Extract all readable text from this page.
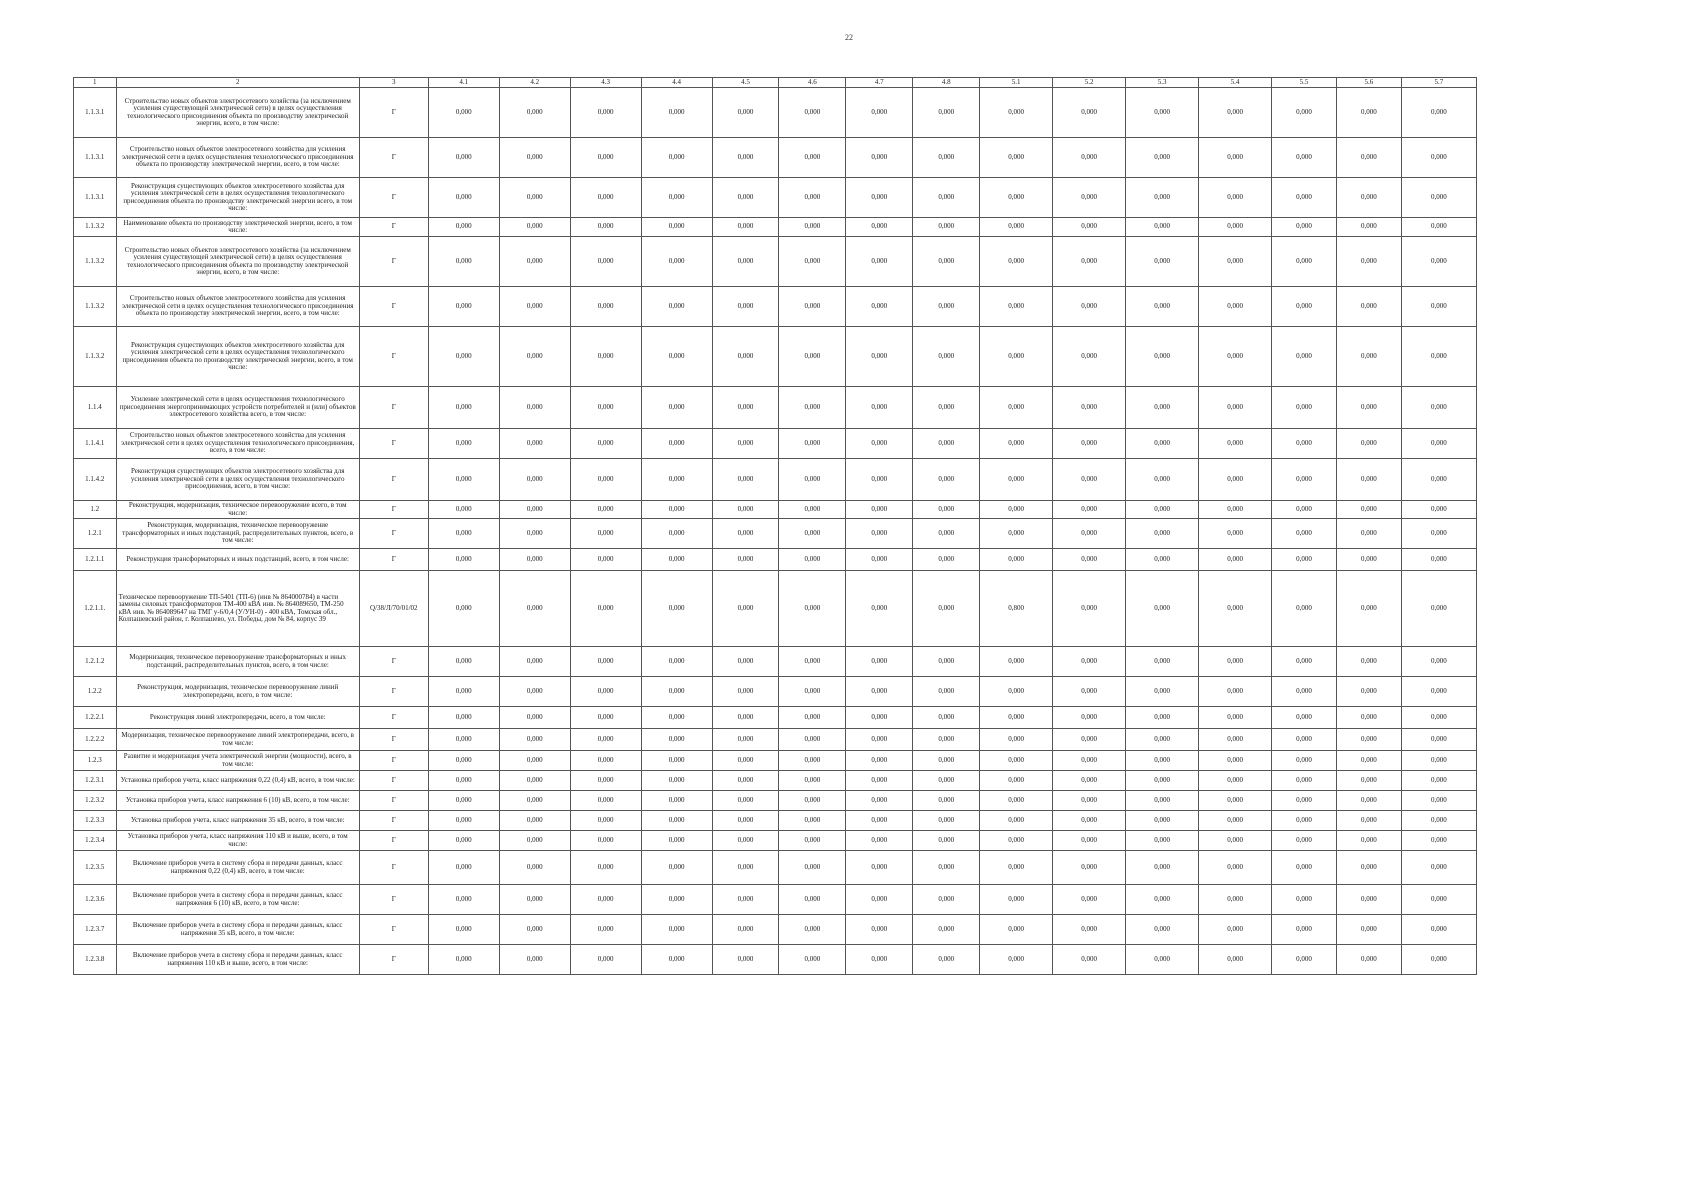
22
1	2	3	4.1	4.2	4.3	4.4	4.5	4.6	4.7	4.8	5.1	5.2	5.3	5.4	5.5	5.6	5.7
1.1.3.1	Строительство новых объектов электросетевого хозяйства (за исключением усиления существующей электрической сети) в целях осуществления технологического присоединения объекта по производству электрической энергии, всего, в том числе:	Г	0,000	0,000	0,000	0,000	0,000	0,000	0,000	0,000	0,000	0,000	0,000	0,000	0,000	0,000	0,000
1.1.3.1	Строительство новых объектов электросетевого хозяйства для усиления электрической сети в целях осуществления технологического присоединения объекта по производству электрической энергии, всего, в том числе:	Г	0,000	0,000	0,000	0,000	0,000	0,000	0,000	0,000	0,000	0,000	0,000	0,000	0,000	0,000	0,000
1.1.3.1	Реконструкция существующих объектов электросетевого хозяйства для усиления электрической сети в целях осуществления технологического присоединения объекта по производству электрической энергии всего, в том числе:	Г	0,000	0,000	0,000	0,000	0,000	0,000	0,000	0,000	0,000	0,000	0,000	0,000	0,000	0,000	0,000
1.1.3.2	Наименование объекта по производству электрической энергии, всего, в том числе:	Г	0,000	0,000	0,000	0,000	0,000	0,000	0,000	0,000	0,000	0,000	0,000	0,000	0,000	0,000	0,000
1.1.3.2	Строительство новых объектов электросетевого хозяйства (за исключением усиления существующей электрической сети) в целях осуществления технологического присоединения объекта по производству электрической энергии, всего, в том числе:	Г	0,000	0,000	0,000	0,000	0,000	0,000	0,000	0,000	0,000	0,000	0,000	0,000	0,000	0,000	0,000
1.1.3.2	Строительство новых объектов электросетевого хозяйства для усиления электрической сети в целях осуществления технологического присоединения объекта по производству электрической энергии, всего, в том числе:	Г	0,000	0,000	0,000	0,000	0,000	0,000	0,000	0,000	0,000	0,000	0,000	0,000	0,000	0,000	0,000
1.1.3.2	Реконструкция существующих объектов электросетевого хозяйства для усиления электрической сети в целях осуществления технологического присоединения объекта по производству электрической энергии, всего, в том числе:	Г	0,000	0,000	0,000	0,000	0,000	0,000	0,000	0,000	0,000	0,000	0,000	0,000	0,000	0,000	0,000
1.1.4	Усиление электрической сети в целях осуществления технологического присоединения энергопринимающих устройств потребителей и (или) объектов электросетевого хозяйства всего, в том числе:	Г	0,000	0,000	0,000	0,000	0,000	0,000	0,000	0,000	0,000	0,000	0,000	0,000	0,000	0,000	0,000
1.1.4.1	Строительство новых объектов электросетевого хозяйства для усиления электрической сети в целях осуществления технологического присоединения, всего, в том числе:	Г	0,000	0,000	0,000	0,000	0,000	0,000	0,000	0,000	0,000	0,000	0,000	0,000	0,000	0,000	0,000
1.1.4.2	Реконструкция существующих объектов электросетевого хозяйства для усиления электрической сети в целях осуществления технологического присоединения, всего, в том числе:	Г	0,000	0,000	0,000	0,000	0,000	0,000	0,000	0,000	0,000	0,000	0,000	0,000	0,000	0,000	0,000
1.2	Реконструкция, модернизация, техническое перевооружение всего, в том числе:	Г	0,000	0,000	0,000	0,000	0,000	0,000	0,000	0,000	0,000	0,000	0,000	0,000	0,000	0,000	0,000
1.2.1	Реконструкция, модернизация, техническое перевооружение трансформаторных и иных подстанций, распределительных пунктов, всего, в том числе:	Г	0,000	0,000	0,000	0,000	0,000	0,000	0,000	0,000	0,000	0,000	0,000	0,000	0,000	0,000	0,000
1.2.1.1	Реконструкция трансформаторных и иных подстанций, всего, в том числе:	Г	0,000	0,000	0,000	0,000	0,000	0,000	0,000	0,000	0,000	0,000	0,000	0,000	0,000	0,000	0,000
1.2.1.1.	Техническое перевооружение ТП-5401 (ТП-6) (инв № 864000784) в части замены силовых трансформаторов ТМ-400 кВА инв. № 864089650, ТМ-250 кВА инв. № 864089647 на ТМГ у-6/0,4 (У/УН-0) - 400 кВА, Томская обл., Колпашевский район, г. Колпашево, ул. Победы, дом № 84, корпус 39	Q/38/Л/70/01/02	0,000	0,000	0,000	0,000	0,000	0,000	0,000	0,000	0,800	0,000	0,000	0,000	0,000	0,000	0,000
1.2.1.2	Модернизация, техническое перевооружение трансформаторных и иных подстанций, распределительных пунктов, всего, в том числе:	Г	0,000	0,000	0,000	0,000	0,000	0,000	0,000	0,000	0,000	0,000	0,000	0,000	0,000	0,000	0,000
1.2.2	Реконструкция, модернизация, техническое перевооружение линий электропередачи, всего, в том числе:	Г	0,000	0,000	0,000	0,000	0,000	0,000	0,000	0,000	0,000	0,000	0,000	0,000	0,000	0,000	0,000
1.2.2.1	Реконструкция линий электропередачи, всего, в том числе:	Г	0,000	0,000	0,000	0,000	0,000	0,000	0,000	0,000	0,000	0,000	0,000	0,000	0,000	0,000	0,000
1.2.2.2	Модернизация, техническое перевооружение линий электропередачи, всего, в том числе:	Г	0,000	0,000	0,000	0,000	0,000	0,000	0,000	0,000	0,000	0,000	0,000	0,000	0,000	0,000	0,000
1.2.3	Развитие и модернизация учета электрической энергии (мощности), всего, в том числе:	Г	0,000	0,000	0,000	0,000	0,000	0,000	0,000	0,000	0,000	0,000	0,000	0,000	0,000	0,000	0,000
1.2.3.1	Установка приборов учета, класс напряжения 0,22 (0,4) кВ, всего, в том числе:	Г	0,000	0,000	0,000	0,000	0,000	0,000	0,000	0,000	0,000	0,000	0,000	0,000	0,000	0,000	0,000
1.2.3.2	Установка приборов учета, класс напряжения 6 (10) кВ, всего, в том числе:	Г	0,000	0,000	0,000	0,000	0,000	0,000	0,000	0,000	0,000	0,000	0,000	0,000	0,000	0,000	0,000
1.2.3.3	Установка приборов учета, класс напряжения 35 кВ, всего, в том числе:	Г	0,000	0,000	0,000	0,000	0,000	0,000	0,000	0,000	0,000	0,000	0,000	0,000	0,000	0,000	0,000
1.2.3.4	Установка приборов учета, класс напряжения 110 кВ и выше, всего, в том числе:	Г	0,000	0,000	0,000	0,000	0,000	0,000	0,000	0,000	0,000	0,000	0,000	0,000	0,000	0,000	0,000
1.2.3.5	Включение приборов учета в систему сбора и передачи данных, класс напряжения 0,22 (0,4) кВ, всего, в том числе:	Г	0,000	0,000	0,000	0,000	0,000	0,000	0,000	0,000	0,000	0,000	0,000	0,000	0,000	0,000	0,000
1.2.3.6	Включение приборов учета в систему сбора и передачи данных, класс напряжения 6 (10) кВ, всего, в том числе:	Г	0,000	0,000	0,000	0,000	0,000	0,000	0,000	0,000	0,000	0,000	0,000	0,000	0,000	0,000	0,000
1.2.3.7	Включение приборов учета в систему сбора и передачи данных, класс напряжения 35 кВ, всего, в том числе:	Г	0,000	0,000	0,000	0,000	0,000	0,000	0,000	0,000	0,000	0,000	0,000	0,000	0,000	0,000	0,000
1.2.3.8	Включение приборов учета в систему сбора и передачи данных, класс напряжения 110 кВ и выше, всего, в том числе:	Г	0,000	0,000	0,000	0,000	0,000	0,000	0,000	0,000	0,000	0,000	0,000	0,000	0,000	0,000	0,000
